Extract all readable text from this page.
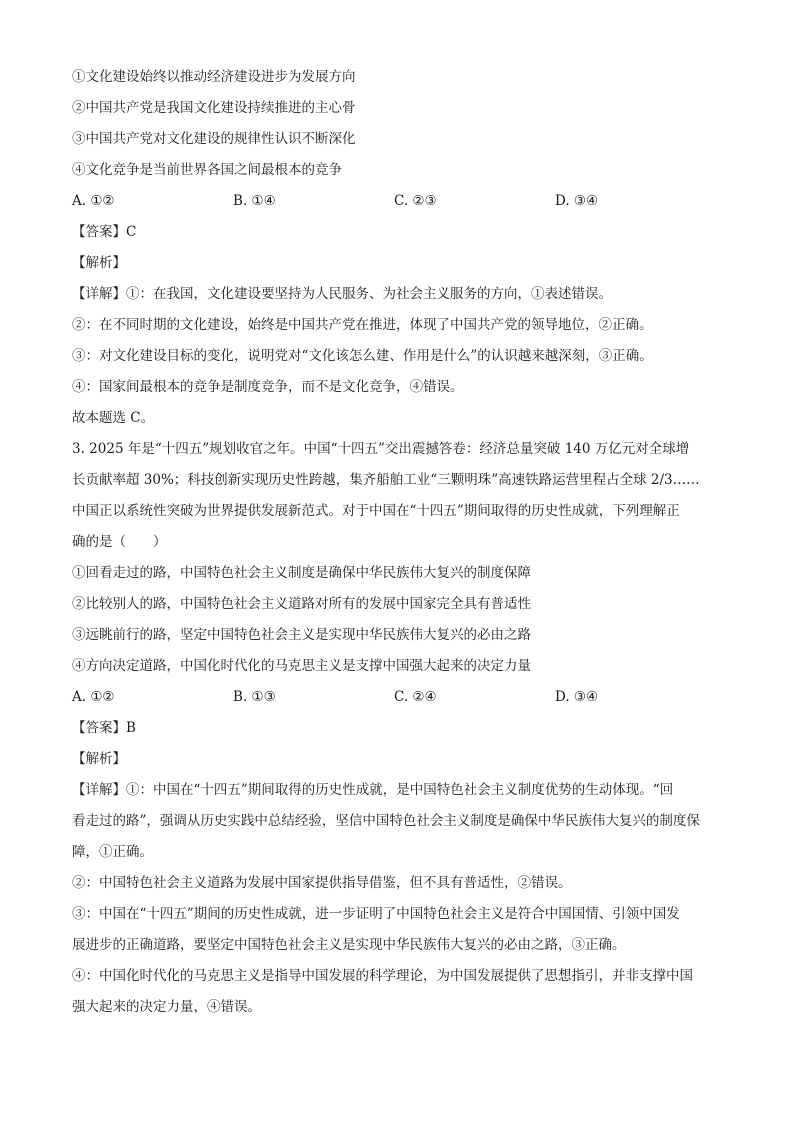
①文化建设始终以推动经济建设进步为发展方向
②中国共产党是我国文化建设持续推进的主心骨
③中国共产党对文化建设的规律性认识不断深化
④文化竞争是当前世界各国之间最根本的竞争
A. ①②	B. ①④	C. ②③	D. ③④
【答案】C
【解析】
【详解】①：在我国，文化建设要坚持为人民服务、为社会主义服务的方向，①表述错误。
②：在不同时期的文化建设，始终是中国共产党在推进，体现了中国共产党的领导地位，②正确。
③：对文化建设目标的变化，说明党对“文化该怎么建、作用是什么”的认识越来越深刻，③正确。
④：国家间最根本的竞争是制度竞争，而不是文化竞争，④错误。
故本题选 C。
3. 2025 年是“十四五”规划收官之年。中国“十四五”交出震撼答卷：经济总量突破 140 万亿元对全球增
长贡献率超 30%；科技创新实现历史性跨越，集齐船舶工业“三颗明珠”高速铁路运营里程占全球 2/3……
中国正以系统性突破为世界提供发展新范式。对于中国在“十四五”期间取得的历史性成就，下列理解正
确的是（　　）
①回看走过的路，中国特色社会主义制度是确保中华民族伟大复兴的制度保障
②比较别人的路，中国特色社会主义道路对所有的发展中国家完全具有普适性
③远眺前行的路，坚定中国特色社会主义是实现中华民族伟大复兴的必由之路
④方向决定道路，中国化时代化的马克思主义是支撑中国强大起来的决定力量
A. ①②	B. ①③	C. ②④	D. ③④
【答案】B
【解析】
【详解】①：中国在“十四五”期间取得的历史性成就，是中国特色社会主义制度优势的生动体现。“回
看走过的路”，强调从历史实践中总结经验，坚信中国特色社会主义制度是确保中华民族伟大复兴的制度保
障，①正确。
②：中国特色社会主义道路为发展中国家提供指导借鉴，但不具有普适性，②错误。
③：中国在“十四五”期间的历史性成就，进一步证明了中国特色社会主义是符合中国国情、引领中国发
展进步的正确道路，要坚定中国特色社会主义是实现中华民族伟大复兴的必由之路，③正确。
④：中国化时代化的马克思主义是指导中国发展的科学理论，为中国发展提供了思想指引，并非支撑中国
强大起来的决定力量，④错误。
